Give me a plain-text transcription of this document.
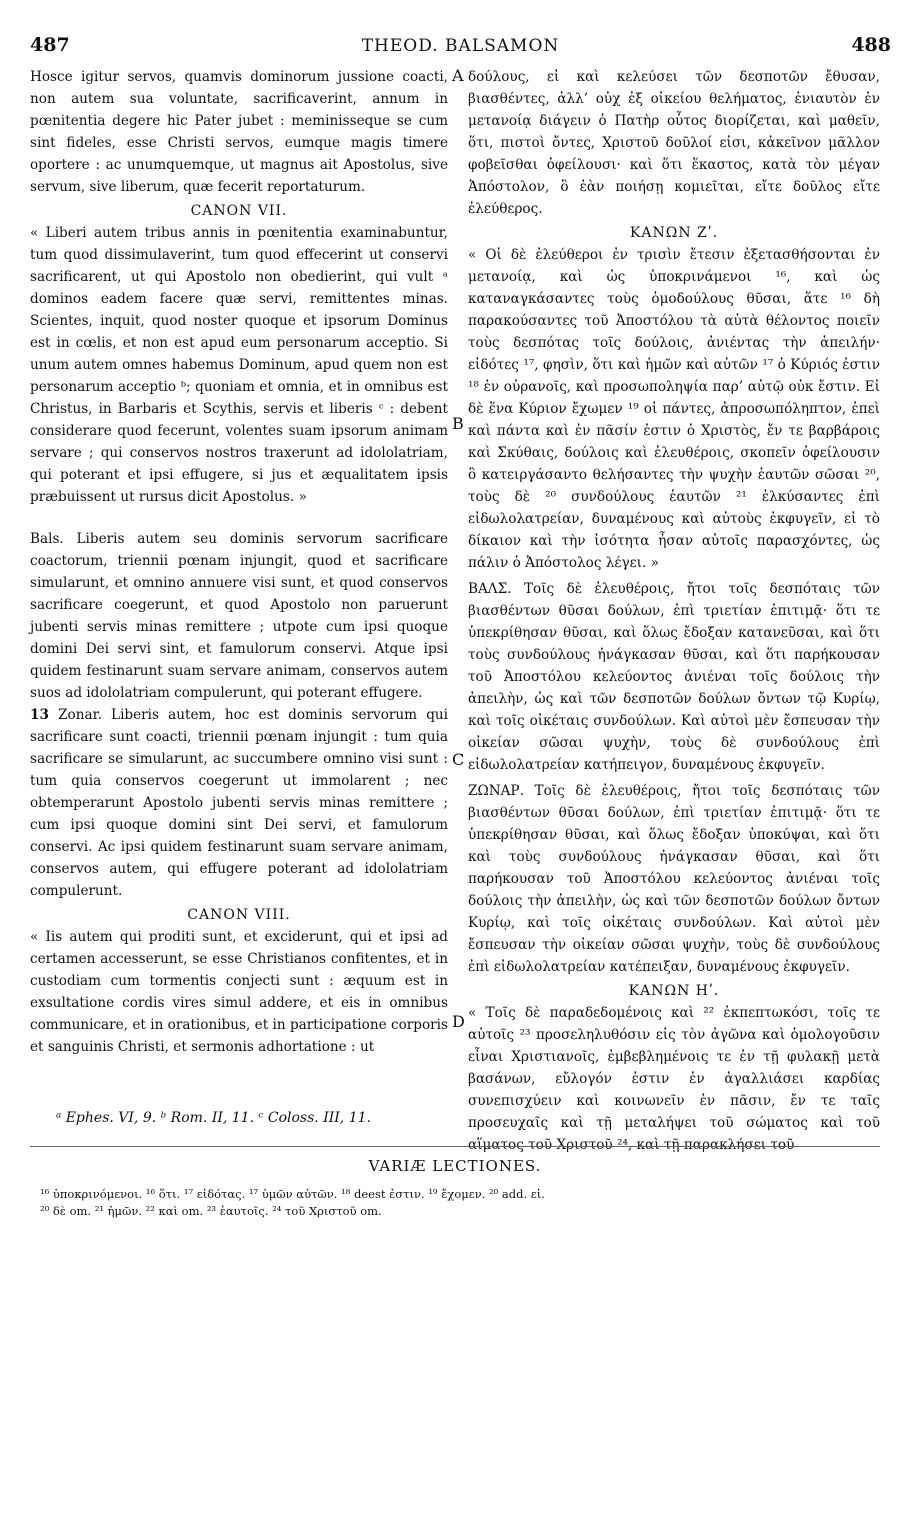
487	THEOD. BALSAMON	488

Hosce igitur servos, quamvis dominorum jussione coacti, non autem sua voluntate, sacrificaverint, annum in pœnitentia degere hic Pater jubet : meminisseque se cum sint fideles, esse Christi servos, eumque magis timere oportere : ac unumquemque, ut magnus ait Apostolus, sive servum, sive liberum, quæ fecerit reportaturum.

CANON VII.

« Liberi autem tribus annis in pœnitentia examinabuntur, tum quod dissimulaverint, tum quod effecerint ut conservi sacrificarent, ut qui Apostolo non obedierint, qui vult ᵃ dominos eadem facere quæ servi, remittentes minas. Scientes, inquit, quod noster quoque et ipsorum Dominus est in cœlis, et non est apud eum personarum acceptio. Si unum autem omnes habemus Dominum, apud quem non est personarum acceptio ᵇ; quoniam et omnia, et in omnibus est Christus, in Barbaris et Scythis, servis et liberis ᶜ : debent considerare quod fecerunt, volentes suam ipsorum animam servare ; qui conservos nostros traxerunt ad idololatriam, qui poterant et ipsi effugere, si jus et æqualitatem ipsis præbuissent ut rursus dicit Apostolus. »

Bals. Liberis autem seu dominis servorum sacrificare coactorum, triennii pœnam injungit, quod et sacrificare simularunt, et omnino annuere visi sunt, et quod conservos sacrificare coegerunt, et quod Apostolo non paruerunt jubenti servis minas remittere ; utpote cum ipsi quoque domini Dei servi sint, et famulorum conservi. Atque ipsi quidem festinarunt suam servare animam, conservos autem suos ad idololatriam compulerunt, qui poterant effugere.

13 Zonar. Liberis autem, hoc est dominis servorum qui sacrificare sunt coacti, triennii pœnam injungit : tum quia sacrificare se simularunt, ac succumbere omnino visi sunt : tum quia conservos coegerunt ut immolarent ; nec obtemperarunt Apostolo jubenti servis minas remittere ; cum ipsi quoque domini sint Dei servi, et famulorum conservi. Ac ipsi quidem festinarunt suam servare animam, conservos autem, qui effugere poterant ad idololatriam compulerunt.

CANON VIII.

« Iis autem qui proditi sunt, et exciderunt, qui et ipsi ad certamen accesserunt, se esse Christianos confitentes, et in custodiam cum tormentis conjecti sunt : æquum est in exsultatione cordis vires simul addere, et eis in omnibus communicare, et in orationibus, et in participatione corporis et sanguinis Christi, et sermonis adhortatione : ut

A
B
C
D

δούλους, εἰ καὶ κελεύσει τῶν δεσποτῶν ἔθυσαν, βιασθέντες, ἀλλ’ οὐχ ἐξ οἰκείου θελήματος, ἐνιαυτὸν ἐν μετανοίᾳ διάγειν ὁ Πατὴρ οὗτος διορίζεται, καὶ μαθεῖν, ὅτι, πιστοὶ ὄντες, Χριστοῦ δοῦλοί εἰσι, κἀκεῖνον μᾶλλον φοβεῖσθαι ὀφείλουσι· καὶ ὅτι ἕκαστος, κατὰ τὸν μέγαν Ἀπόστολον, ὃ ἐὰν ποιήσῃ κομιεῖται, εἴτε δοῦλος εἴτε ἐλεύθερος.

ΚΑΝΩΝ Ζʹ.

« Οἱ δὲ ἐλεύθεροι ἐν τρισὶν ἔτεσιν ἐξετασθήσονται ἐν μετανοίᾳ, καὶ ὡς ὑποκρινάμενοι ¹⁶, καὶ ὡς καταναγκάσαντες τοὺς ὁμοδούλους θῦσαι, ἅτε ¹⁶ δὴ παρακούσαντες τοῦ Ἀποστόλου τὰ αὐτὰ θέλοντος ποιεῖν τοὺς δεσπότας τοῖς δούλοις, ἀνιέντας τὴν ἀπειλήν· εἰδότες ¹⁷, φησὶν, ὅτι καὶ ἡμῶν καὶ αὐτῶν ¹⁷ ὁ Κύριός ἐστιν ¹⁸ ἐν οὐρανοῖς, καὶ προσωποληψία παρ’ αὐτῷ οὐκ ἔστιν. Εἰ δὲ ἕνα Κύριον ἔχωμεν ¹⁹ οἱ πάντες, ἀπροσωπόληπτον, ἐπεὶ καὶ πάντα καὶ ἐν πᾶσίν ἐστιν ὁ Χριστὸς, ἔν τε βαρβάροις καὶ Σκύθαις, δούλοις καὶ ἐλευθέροις, σκοπεῖν ὀφείλουσιν ὃ κατειργάσαντο θελήσαντες τὴν ψυχὴν ἑαυτῶν σῶσαι ²⁰, τοὺς δὲ ²⁰ συνδούλους ἑαυτῶν ²¹ ἑλκύσαντες ἐπὶ εἰδωλολατρείαν, δυναμένους καὶ αὐτοὺς ἐκφυγεῖν, εἰ τὸ δίκαιον καὶ τὴν ἰσότητα ἦσαν αὐτοῖς παρασχόντες, ὡς πάλιν ὁ Ἀπόστολος λέγει. »

ΒΑΛΣ. Τοῖς δὲ ἐλευθέροις, ἤτοι τοῖς δεσπόταις τῶν βιασθέντων θῦσαι δούλων, ἐπὶ τριετίαν ἐπιτιμᾷ· ὅτι τε ὑπεκρίθησαν θῦσαι, καὶ ὅλως ἔδοξαν κατανεῦσαι, καὶ ὅτι τοὺς συνδούλους ἠνάγκασαν θῦσαι, καὶ ὅτι παρήκουσαν τοῦ Ἀποστόλου κελεύοντος ἀνιέναι τοῖς δούλοις τὴν ἀπειλὴν, ὡς καὶ τῶν δεσποτῶν δούλων ὄντων τῷ Κυρίῳ, καὶ τοῖς οἰκέταις συνδούλων. Καὶ αὐτοὶ μὲν ἔσπευσαν τὴν οἰκείαν σῶσαι ψυχὴν, τοὺς δὲ συνδούλους ἐπὶ εἰδωλολατρείαν κατήπειγον, δυναμένους ἐκφυγεῖν.

ΖΩΝΑΡ. Τοῖς δὲ ἐλευθέροις, ἤτοι τοῖς δεσπόταις τῶν βιασθέντων θῦσαι δούλων, ἐπὶ τριετίαν ἐπιτιμᾷ· ὅτι τε ὑπεκρίθησαν θῦσαι, καὶ ὅλως ἔδοξαν ὑποκύψαι, καὶ ὅτι καὶ τοὺς συνδούλους ἠνάγκασαν θῦσαι, καὶ ὅτι παρήκουσαν τοῦ Ἀποστόλου κελεύοντος ἀνιέναι τοῖς δούλοις τὴν ἀπειλὴν, ὡς καὶ τῶν δεσποτῶν δούλων ὄντων Κυρίῳ, καὶ τοῖς οἰκέταις συνδούλων. Καὶ αὐτοὶ μὲν ἔσπευσαν τὴν οἰκείαν σῶσαι ψυχὴν, τοὺς δὲ συνδούλους ἐπὶ εἰδωλολατρείαν κατέπειξαν, δυναμένους ἐκφυγεῖν.

ΚΑΝΩΝ Ηʹ.

« Τοῖς δὲ παραδεδομένοις καὶ ²² ἐκπεπτωκόσι, τοῖς τε αὐτοῖς ²³ προσεληλυθόσιν εἰς τὸν ἀγῶνα καὶ ὁμολογοῦσιν εἶναι Χριστιανοῖς, ἐμβεβλημένοις τε ἐν τῇ φυλακῇ μετὰ βασάνων, εὔλογόν ἐστιν ἐν ἀγαλλιάσει καρδίας συνεπισχύειν καὶ κοινωνεῖν ἐν πᾶσιν, ἔν τε ταῖς προσευχαῖς καὶ τῇ μεταλήψει τοῦ σώματος καὶ τοῦ αἵματος τοῦ Χριστοῦ ²⁴, καὶ τῇ παρακλήσει τοῦ

ᵃ Ephes. VI, 9. ᵇ Rom. II, 11. ᶜ Coloss. III, 11.

VARIÆ LECTIONES.

¹⁶ ὑποκρινόμενοι. ¹⁶ ὅτι. ¹⁷ εἰδότας. ¹⁷ ὑμῶν αὐτῶν. ¹⁸ deest ἐστιν. ¹⁹ ἔχομεν. ²⁰ add. εἰ.

²⁰ δὲ om. ²¹ ἡμῶν. ²² καὶ om. ²³ ἑαυτοῖς. ²⁴ τοῦ Χριστοῦ om.
